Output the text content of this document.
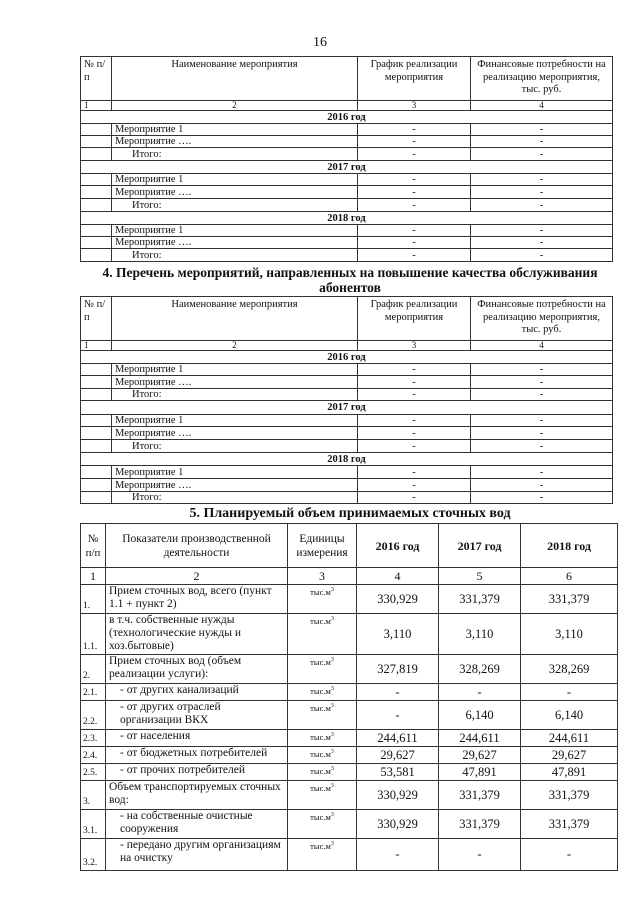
16
№ п/п	Наименование мероприятия	График реализации мероприятия	Финансовые потребности на реализацию мероприятия, тыс. руб.
1	2	3	4
2016 год			
	Мероприятие 1	-	-
	Мероприятие ….	-	-
	Итого:	-	-
2017 год			
	Мероприятие 1	-	-
	Мероприятие ….	-	-
	Итого:	-	-
2018 год			
	Мероприятие 1	-	-
	Мероприятие ….	-	-
	Итого:	-	-
4. Перечень мероприятий, направленных на повышение качества обслуживания
абонентов
№ п/п	Наименование мероприятия	График реализации мероприятия	Финансовые потребности на реализацию мероприятия, тыс. руб.
1	2	3	4
2016 год			
	Мероприятие 1	-	-
	Мероприятие ….	-	-
	Итого:	-	-
2017 год			
	Мероприятие 1	-	-
	Мероприятие ….	-	-
	Итого:	-	-
2018 год			
	Мероприятие 1	-	-
	Мероприятие ….	-	-
	Итого:	-	-
5. Планируемый объем принимаемых сточных вод
№ п/п	Показатели производственной деятельности	Единицы измерения	2016 год	2017 год	2018 год
1	2	3	4	5	6
1.	Прием сточных вод, всего (пункт 1.1 + пункт 2)	$тыс.м^3$	330,929	331,379	331,379
1.1.	в т.ч. собственные нужды (технологические нужды и хоз.бытовые)	$тыс.м^3$	3,110	3,110	3,110
2.	Прием сточных вод (объем реализации услуги):	$тыс.м^3$	327,819	328,269	328,269
2.1.	- от других канализаций	$тыс.м^3$	-	-	-
2.2.	- от других отраслей организации ВКХ	$тыс.м^3$	-	6,140	6,140
2.3.	- от населения	$тыс.м^3$	244,611	244,611	244,611
2.4.	- от бюджетных потребителей	$тыс.м^3$	29,627	29,627	29,627
2.5.	- от прочих потребителей	$тыс.м^3$	53,581	47,891	47,891
3.	Объем транспортируемых сточных вод:	$тыс.м^3$	330,929	331,379	331,379
3.1.	- на собственные очистные сооружения	$тыс.м^3$	330,929	331,379	331,379
3.2.	- передано другим организациям на очистку	$тыс.м^3$	-	-	-
